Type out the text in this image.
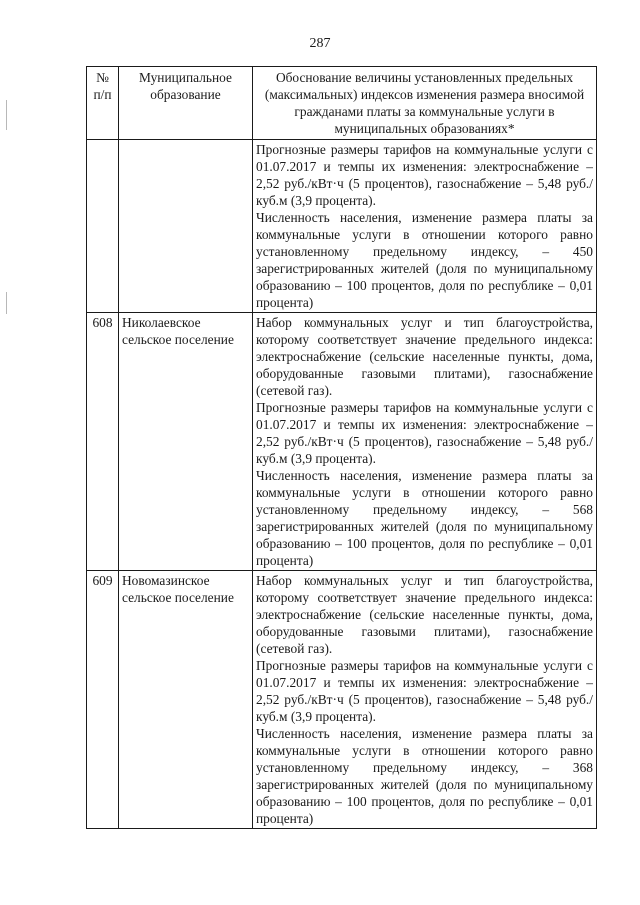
287
№ п/п	Муниципальное образование	Обоснование величины установленных предельных (максимальных) индексов изменения размера вносимой гражданами платы за коммунальные услуги в муниципальных образованиях*

		Прогнозные размеры тарифов на коммунальные услуги с 01.07.2017 и темпы их изменения: электроснабжение – 2,52 руб./кВт·ч (5 процентов), газоснабжение – 5,48 руб./куб.м (3,9 процента).
Численность населения, изменение размера платы за коммунальные услуги в отношении которого равно установленному предельному индексу, – 450 зарегистрированных жителей (доля по муниципальному образованию – 100 процентов, доля по республике – 0,01 процента)

608	Николаевское сельское поселение	Набор коммунальных услуг и тип благоустройства, которому соответствует значение предельного индекса: электроснабжение (сельские населенные пункты, дома, оборудованные газовыми плитами), газоснабжение (сетевой газ).
Прогнозные размеры тарифов на коммунальные услуги с 01.07.2017 и темпы их изменения: электроснабжение – 2,52 руб./кВт·ч (5 процентов), газоснабжение – 5,48 руб./куб.м (3,9 процента).
Численность населения, изменение размера платы за коммунальные услуги в отношении которого равно установленному предельному индексу, – 568 зарегистрированных жителей (доля по муниципальному образованию – 100 процентов, доля по республике – 0,01 процента)

609	Новомазинское сельское поселение	Набор коммунальных услуг и тип благоустройства, которому соответствует значение предельного индекса: электроснабжение (сельские населенные пункты, дома, оборудованные газовыми плитами), газоснабжение (сетевой газ).
Прогнозные размеры тарифов на коммунальные услуги с 01.07.2017 и темпы их изменения: электроснабжение – 2,52 руб./кВт·ч (5 процентов), газоснабжение – 5,48 руб./куб.м (3,9 процента).
Численность населения, изменение размера платы за коммунальные услуги в отношении которого равно установленному предельному индексу, – 368 зарегистрированных жителей (доля по муниципальному образованию – 100 процентов, доля по республике – 0,01 процента)
